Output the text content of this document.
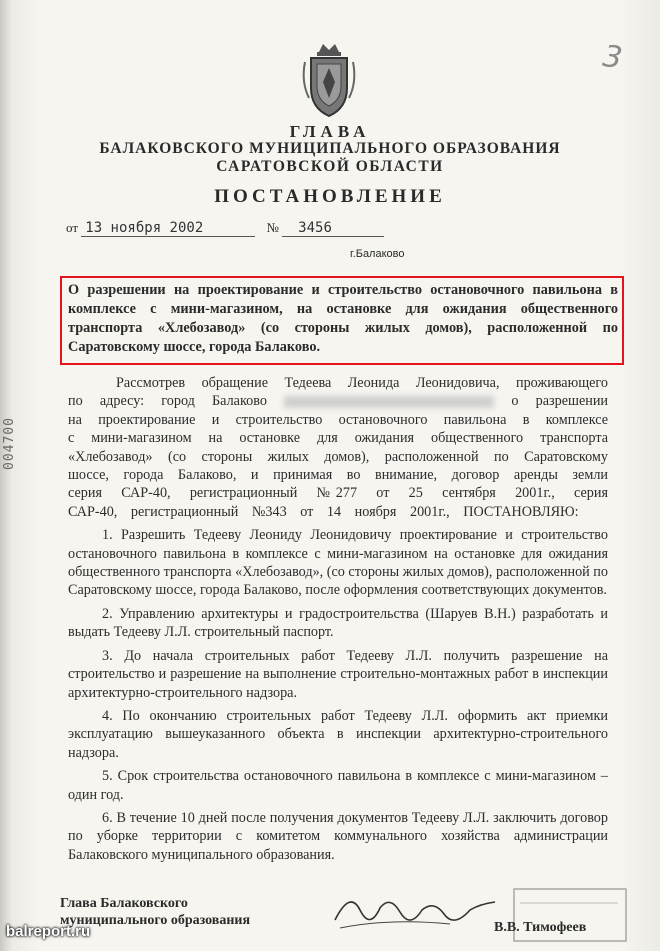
3
004700
ГЛАВА
БАЛАКОВСКОГО МУНИЦИПАЛЬНОГО ОБРАЗОВАНИЯ
САРАТОВСКОЙ ОБЛАСТИ
ПОСТАНОВЛЕНИЕ
от 13 ноября 2002	№ 3456
г.Балаково
О разрешении на проектирование и строительство остановочного павильона в комплексе с мини-магазином, на остановке для ожидания общественного транспорта «Хлебозавод» (со стороны жилых домов), расположенной по Саратовскому шоссе, города Балаково.

Рассмотрев обращение Тедеева Леонида Леонидовича, проживающего по адресу: город Балаково	о разрешении на проектирование и строительство остановочного павильона в комплексе с мини-магазином на остановке для ожидания общественного транспорта «Хлебозавод» (со стороны жилых домов), расположенной по Саратовскому шоссе, города Балаково, и принимая во внимание, договор аренды земли серия САР-40, регистрационный №277 от 25 сентября 2001г., серия САР-40, регистрационный №343 от 14 ноября 2001г., ПОСТАНОВЛЯЮ:

1. Разрешить Тедееву Леониду Леонидовичу проектирование и строительство остановочного павильона в комплексе с мини-магазином на остановке для ожидания общественного транспорта «Хлебозавод», (со стороны жилых домов), расположенной по Саратовскому шоссе, города Балаково, после оформления соответствующих документов.

2. Управлению архитектуры и градостроительства (Шаруев В.Н.) разработать и выдать Тедееву Л.Л. строительный паспорт.

3. До начала строительных работ Тедееву Л.Л. получить разрешение на строительство и разрешение на выполнение строительно-монтажных работ в инспекции архитектурно-строительного надзора.

4. По окончанию строительных работ Тедееву Л.Л. оформить акт приемки эксплуатацию вышеуказанного объекта в инспекции архитектурно-строительного надзора.

5. Срок строительства остановочного павильона в комплексе с мини-магазином – один год.

6. В течение 10 дней после получения документов Тедееву Л.Л. заключить договор по уборке территории с комитетом коммунального хозяйства администрации Балаковского муниципального образования.

Глава Балаковского
муниципального образования	В.В. Тимофеев
balreport.ru
